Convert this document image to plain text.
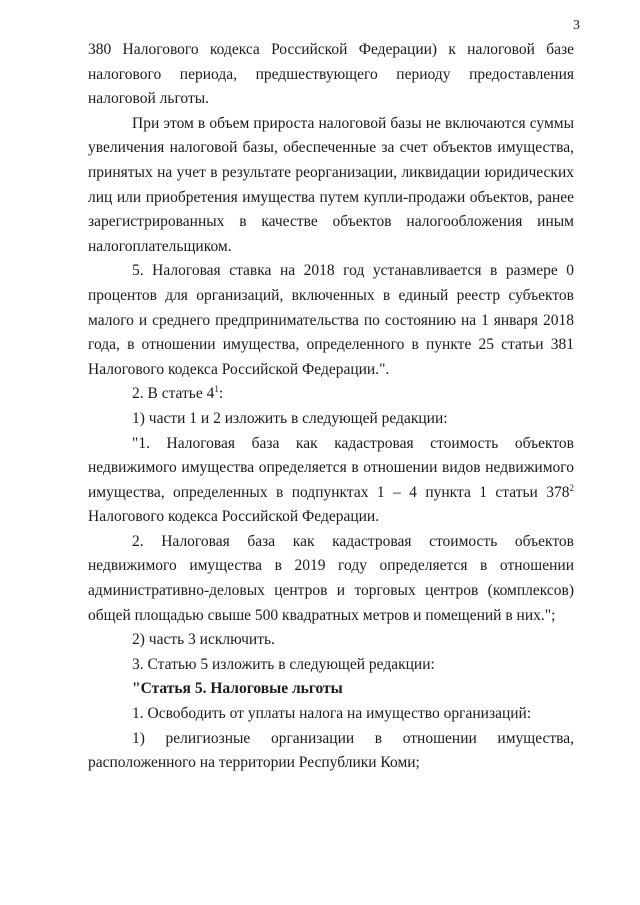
3

380 Налогового кодекса Российской Федерации) к налоговой базе налогового периода, предшествующего периоду предоставления налоговой льготы.

При этом в объем прироста налоговой базы не включаются суммы увеличения налоговой базы, обеспеченные за счет объектов имущества, принятых на учет в результате реорганизации, ликвидации юридических лиц или приобретения имущества путем купли-продажи объектов, ранее зарегистрированных в качестве объектов налогообложения иным налогоплательщиком.

5. Налоговая ставка на 2018 год устанавливается в размере 0 процентов для организаций, включенных в единый реестр субъектов малого и среднего предпринимательства по состоянию на 1 января 2018 года, в отношении имущества, определенного в пункте 25 статьи 381 Налогового кодекса Российской Федерации.".

2. В статье $4^1$:

1) части 1 и 2 изложить в следующей редакции:

"1. Налоговая база как кадастровая стоимость объектов недвижимого имущества определяется в отношении видов недвижимого имущества, определенных в подпунктах 1 – 4 пункта 1 статьи $378^2$ Налогового кодекса Российской Федерации.

2. Налоговая база как кадастровая стоимость объектов недвижимого имущества в 2019 году определяется в отношении административно-деловых центров и торговых центров (комплексов) общей площадью свыше 500 квадратных метров и помещений в них.";

2) часть 3 исключить.

3. Статью 5 изложить в следующей редакции:

"Статья 5. Налоговые льготы

1. Освободить от уплаты налога на имущество организаций:

1) религиозные организации в отношении имущества, расположенного на территории Республики Коми;
